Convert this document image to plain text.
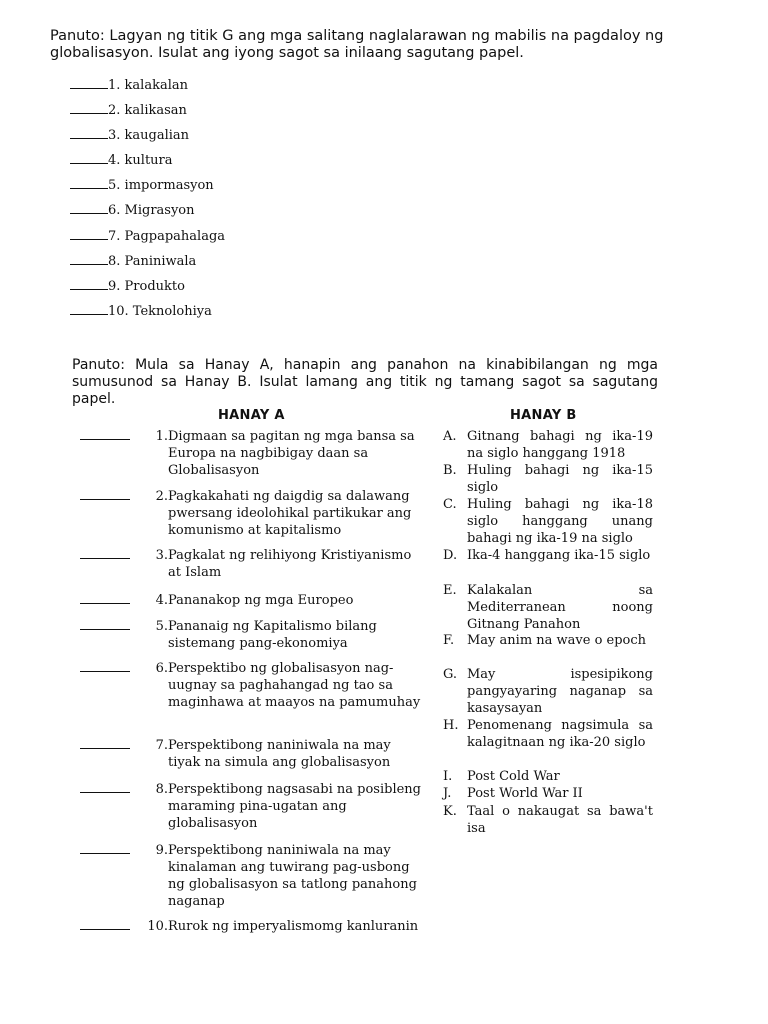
Panuto: Lagyan ng titik G ang mga salitang naglalarawan ng mabilis na pagdaloy ng globalisasyon. Isulat ang iyong sagot sa inilaang sagutang papel.

1. kalakalan
2. kalikasan
3. kaugalian
4. kultura
5. impormasyon
6. Migrasyon
7. Pagpapahalaga
8. Paniniwala
9. Produkto
10. Teknolohiya

Panuto: Mula sa Hanay A, hanapin ang panahon na kinabibilangan ng mga sumusunod sa Hanay B. Isulat lamang ang titik ng tamang sagot sa sagutang papel.

HANAY A	HANAY B
1. Digmaan sa pagitan ng mga bansa sa Europa na nagbibigay daan sa Globalisasyon
2. Pagkakahati ng daigdig sa dalawang pwersang ideolohikal partikukar ang komunismo at kapitalismo
3. Pagkalat ng relihiyong Kristiyanismo at Islam
4. Pananakop ng mga Europeo
5. Pananaig ng Kapitalismo bilang sistemang pang-ekonomiya
6. Perspektibo ng globalisasyon nag-uugnay sa paghahangad ng tao sa maginhawa at maayos na pamumuhay
7. Perspektibong naniniwala na may tiyak na simula ang globalisasyon
8. Perspektibong nagsasabi na posibleng maraming pina-ugatan ang globalisasyon
9. Perspektibong naniniwala na may kinalaman ang tuwirang pag-usbong ng globalisasyon sa tatlong panahong naganap
10. Rurok ng imperyalismomg kanluranin
A. Gitnang bahagi ng ika-19 na siglo hanggang 1918
B. Huling bahagi ng ika-15 siglo
C. Huling bahagi ng ika-18 siglo hanggang unang bahagi ng ika-19 na siglo
D. Ika-4 hanggang ika-15 siglo
E. Kalakalan sa Mediterranean noong Gitnang Panahon
F. May anim na wave o epoch
G. May ispesipikong pangyayaring naganap sa kasaysayan
H. Penomenang nagsimula sa kalagitnaan ng ika-20 siglo
I.	Post Cold War
J.	Post World War II
K. Taal o nakaugat sa bawa't isa
